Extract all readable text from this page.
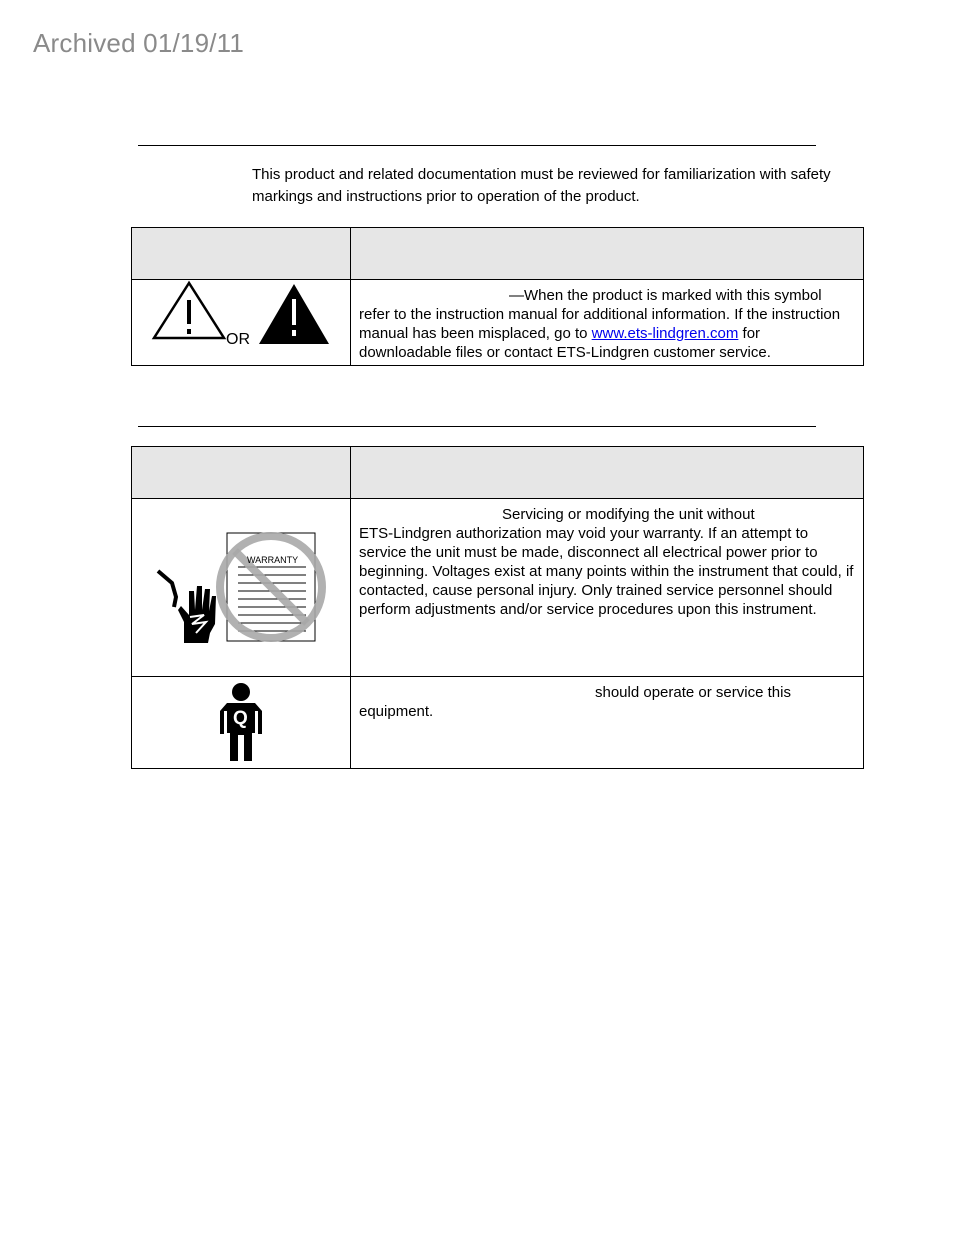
Archived 01/19/11
This product and related documentation must be reviewed for familiarization with safety markings and instructions prior to operation of the product.

OR	—When the product is marked with this symbol refer to the instruction manual for additional information. If the instruction manual has been misplaced, go to www.ets-lindgren.com for downloadable files or contact ETS-Lindgren customer service.

WARRANTY	Servicing or modifying the unit without
ETS-Lindgren authorization may void your warranty. If an attempt to service the unit must be made, disconnect all electrical power prior to beginning. Voltages exist at many points within the instrument that could, if contacted, cause personal injury. Only trained service personnel should perform adjustments and/or service procedures upon this instrument.

Q	should operate or service this
equipment.
